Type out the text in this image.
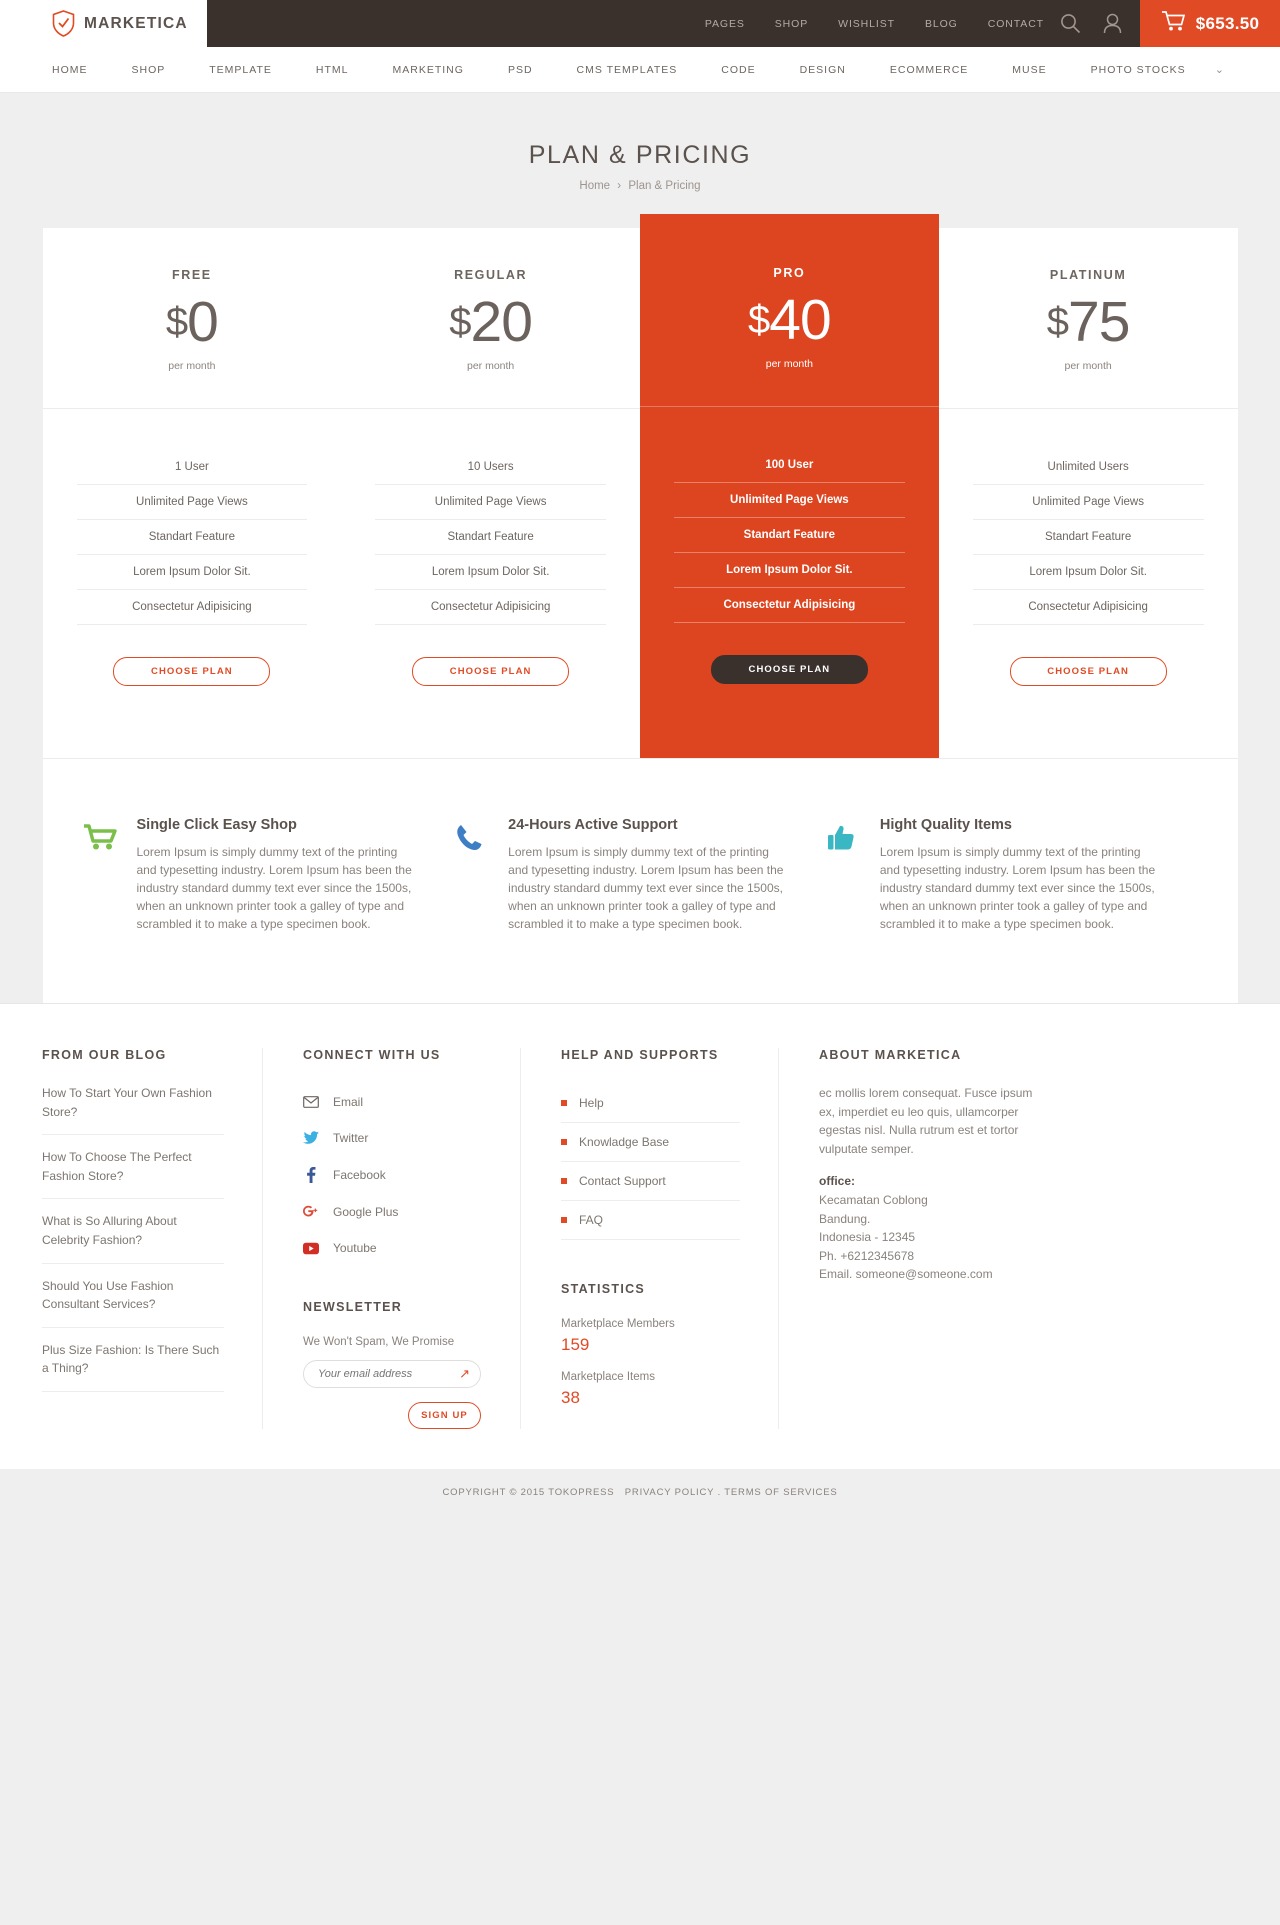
MARKETICA	PAGES	SHOP	WISHLIST	BLOG	CONTACT	$653.50
HOME	SHOP	TEMPLATE	HTML	MARKETING	PSD	CMS TEMPLATES	CODE	DESIGN	ECOMMERCE	MUSE	PHOTO STOCKS	⌄
PLAN & PRICING
Home › Plan & Pricing
FREE
$0
per month
1 User
Unlimited Page Views
Standart Feature
Lorem Ipsum Dolor Sit.
Consectetur Adipisicing
CHOOSE PLAN
REGULAR
$20
per month
10 Users
Unlimited Page Views
Standart Feature
Lorem Ipsum Dolor Sit.
Consectetur Adipisicing
CHOOSE PLAN
PRO
$40
per month
100 User
Unlimited Page Views
Standart Feature
Lorem Ipsum Dolor Sit.
Consectetur Adipisicing
CHOOSE PLAN
PLATINUM
$75
per month
Unlimited Users
Unlimited Page Views
Standart Feature
Lorem Ipsum Dolor Sit.
Consectetur Adipisicing
CHOOSE PLAN
Single Click Easy Shop
Lorem Ipsum is simply dummy text of the printing and typesetting industry. Lorem Ipsum has been the industry standard dummy text ever since the 1500s, when an unknown printer took a galley of type and scrambled it to make a type specimen book.
24-Hours Active Support
Lorem Ipsum is simply dummy text of the printing and typesetting industry. Lorem Ipsum has been the industry standard dummy text ever since the 1500s, when an unknown printer took a galley of type and scrambled it to make a type specimen book.
Hight Quality Items
Lorem Ipsum is simply dummy text of the printing and typesetting industry. Lorem Ipsum has been the industry standard dummy text ever since the 1500s, when an unknown printer took a galley of type and scrambled it to make a type specimen book.
FROM OUR BLOG
How To Start Your Own Fashion Store?
How To Choose The Perfect Fashion Store?
What is So Alluring About Celebrity Fashion?
Should You Use Fashion Consultant Services?
Plus Size Fashion: Is There Such a Thing?
CONNECT WITH US
Email
Twitter
Facebook
Google Plus
Youtube
NEWSLETTER
We Won't Spam, We Promise
Your email address
↗
SIGN UP
HELP AND SUPPORTS
Help
Knowladge Base
Contact Support
FAQ
STATISTICS
Marketplace Members
159
Marketplace Items
38
ABOUT MARKETICA
ec mollis lorem consequat. Fusce ipsum ex, imperdiet eu leo quis, ullamcorper egestas nisl. Nulla rutrum est et tortor vulputate semper.
office:
Kecamatan Coblong
Bandung.
Indonesia - 12345
Ph. +6212345678
Email. someone@someone.com
COPYRIGHT © 2015 TOKOPRESS PRIVACY POLICY . TERMS OF SERVICES
